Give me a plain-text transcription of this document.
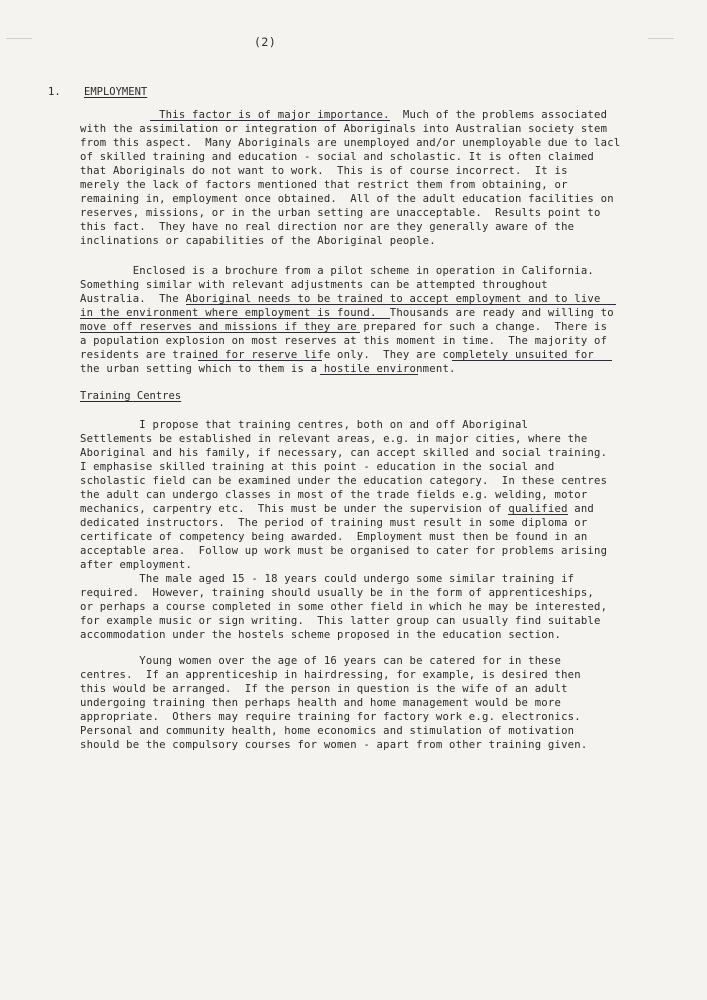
(2)
1. EMPLOYMENT
This factor is of major importance.  Much of the problems associated
with the assimilation or integration of Aboriginals into Australian society stem
from this aspect.  Many Aboriginals are unemployed and/or unemployable due to lacl
of skilled training and education - social and scholastic. It is often claimed
that Aboriginals do not want to work.  This is of course incorrect.  It is
merely the lack of factors mentioned that restrict them from obtaining, or
remaining in, employment once obtained.  All of the adult education facilities on
reserves, missions, or in the urban setting are unacceptable.  Results point to
this fact.  They have no real direction nor are they generally aware of the
inclinations or capabilities of the Aboriginal people.
Enclosed is a brochure from a pilot scheme in operation in California.
Something similar with relevant adjustments can be attempted throughout
Australia.  The Aboriginal needs to be trained to accept employment and to live
in the environment where employment is found.  Thousands are ready and willing to
move off reserves and missions if they are prepared for such a change.  There is
a population explosion on most reserves at this moment in time.  The majority of
residents are trained for reserve life only.  They are completely unsuited for
the urban setting which to them is a hostile environment.
Training Centres
I propose that training centres, both on and off Aboriginal
Settlements be established in relevant areas, e.g. in major cities, where the
Aboriginal and his family, if necessary, can accept skilled and social training.
I emphasise skilled training at this point - education in the social and
scholastic field can be examined under the education category.  In these centres
the adult can undergo classes in most of the trade fields e.g. welding, motor
mechanics, carpentry etc.  This must be under the supervision of qualified and
dedicated instructors.  The period of training must result in some diploma or
certificate of competency being awarded.  Employment must then be found in an
acceptable area.  Follow up work must be organised to cater for problems arising
after employment.
The male aged 15 - 18 years could undergo some similar training if
required.  However, training should usually be in the form of apprenticeships,
or perhaps a course completed in some other field in which he may be interested,
for example music or sign writing.  This latter group can usually find suitable
accommodation under the hostels scheme proposed in the education section.
Young women over the age of 16 years can be catered for in these
centres.  If an apprenticeship in hairdressing, for example, is desired then
this would be arranged.  If the person in question is the wife of an adult
undergoing training then perhaps health and home management would be more
appropriate.  Others may require training for factory work e.g. electronics.
Personal and community health, home economics and stimulation of motivation
should be the compulsory courses for women - apart from other training given.
